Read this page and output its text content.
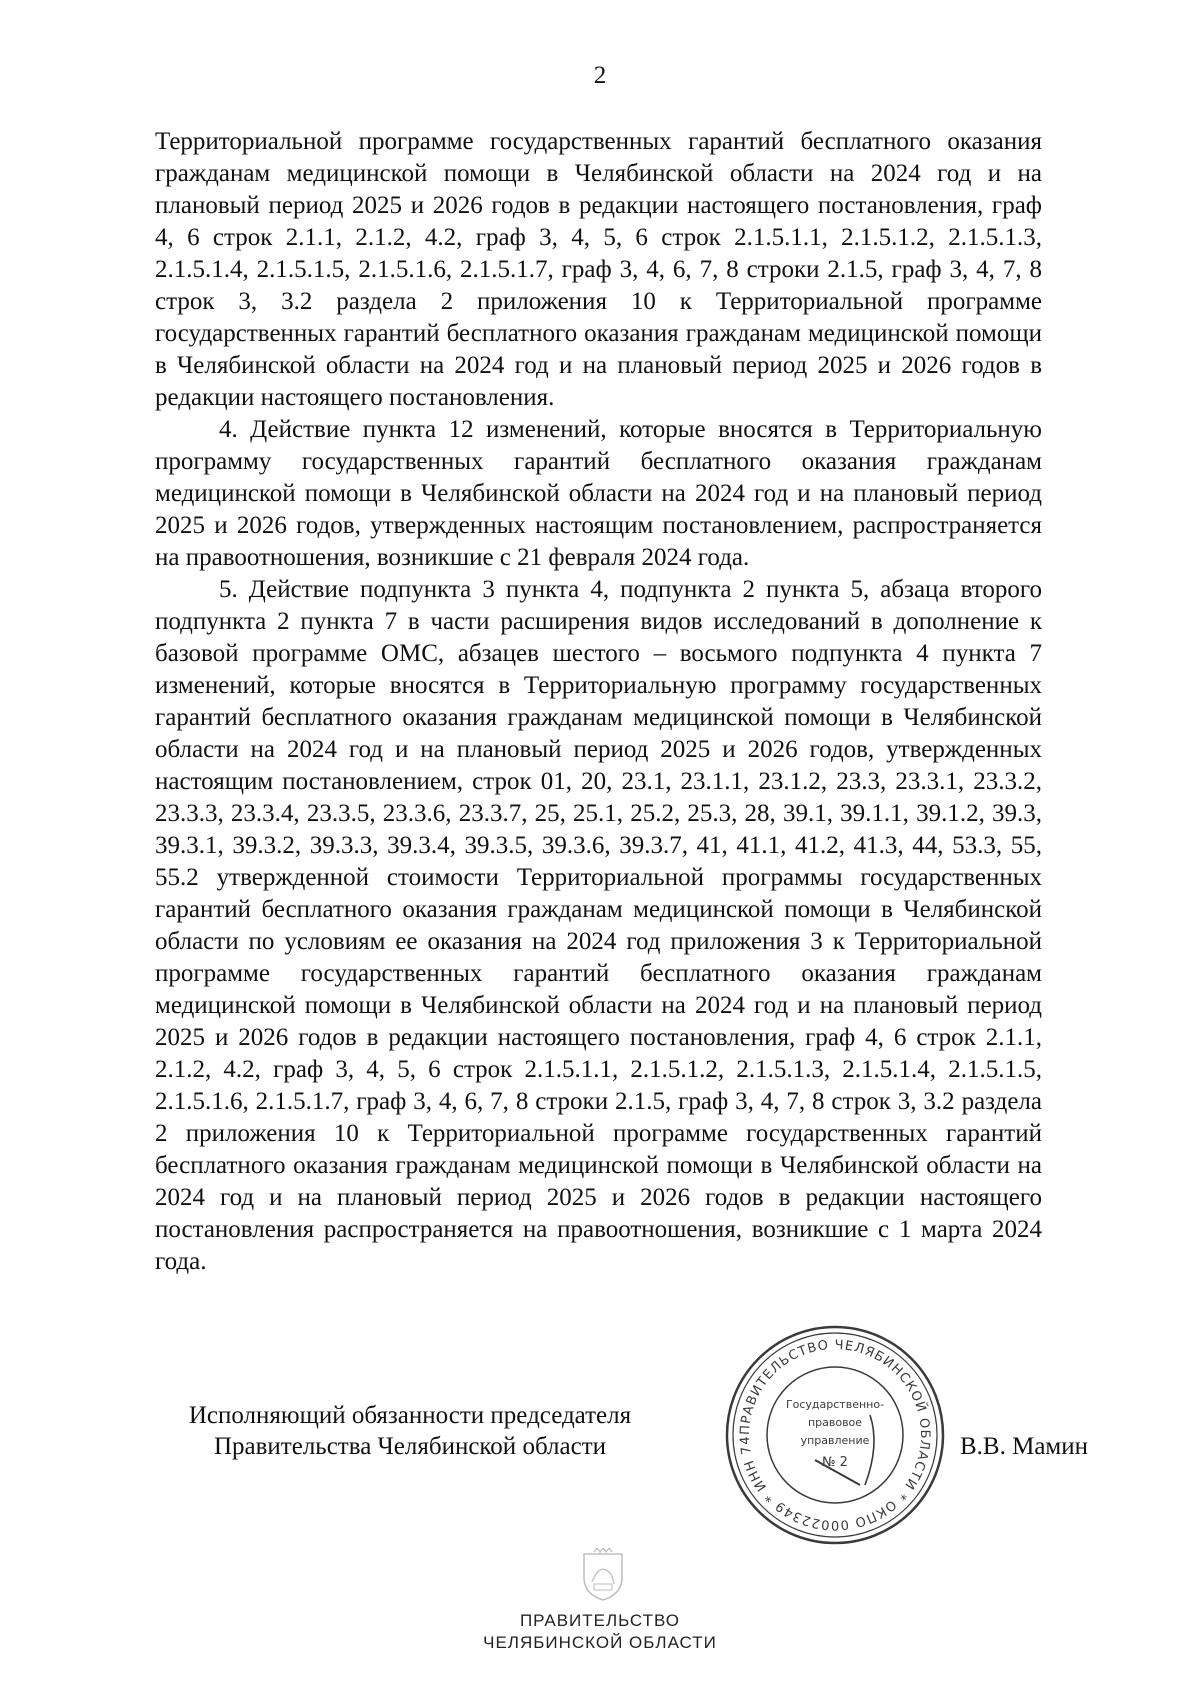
2

Территориальной программе государственных гарантий бесплатного оказания гражданам медицинской помощи в Челябинской области на 2024 год и на плановый период 2025 и 2026 годов в редакции настоящего постановления, граф 4, 6 строк 2.1.1, 2.1.2, 4.2, граф 3, 4, 5, 6 строк 2.1.5.1.1, 2.1.5.1.2, 2.1.5.1.3, 2.1.5.1.4, 2.1.5.1.5, 2.1.5.1.6, 2.1.5.1.7, граф 3, 4, 6, 7, 8 строки 2.1.5, граф 3, 4, 7, 8 строк 3, 3.2 раздела 2 приложения 10 к Территориальной программе государственных гарантий бесплатного оказания гражданам медицинской помощи в Челябинской области на 2024 год и на плановый период 2025 и 2026 годов в редакции настоящего постановления.

4. Действие пункта 12 изменений, которые вносятся в Территориальную программу государственных гарантий бесплатного оказания гражданам медицинской помощи в Челябинской области на 2024 год и на плановый период 2025 и 2026 годов, утвержденных настоящим постановлением, распространяется на правоотношения, возникшие с 21 февраля 2024 года.

5. Действие подпункта 3 пункта 4, подпункта 2 пункта 5, абзаца второго подпункта 2 пункта 7 в части расширения видов исследований в дополнение к базовой программе ОМС, абзацев шестого – восьмого подпункта 4 пункта 7 изменений, которые вносятся в Территориальную программу государственных гарантий бесплатного оказания гражданам медицинской помощи в Челябинской области на 2024 год и на плановый период 2025 и 2026 годов, утвержденных настоящим постановлением, строк 01, 20, 23.1, 23.1.1, 23.1.2, 23.3, 23.3.1, 23.3.2, 23.3.3, 23.3.4, 23.3.5, 23.3.6, 23.3.7, 25, 25.1, 25.2, 25.3, 28, 39.1, 39.1.1, 39.1.2, 39.3, 39.3.1, 39.3.2, 39.3.3, 39.3.4, 39.3.5, 39.3.6, 39.3.7, 41, 41.1, 41.2, 41.3, 44, 53.3, 55, 55.2 утвержденной стоимости Территориальной программы государственных гарантий бесплатного оказания гражданам медицинской помощи в Челябинской области по условиям ее оказания на 2024 год приложения 3 к Территориальной программе государственных гарантий бесплатного оказания гражданам медицинской помощи в Челябинской области на 2024 год и на плановый период 2025 и 2026 годов в редакции настоящего постановления, граф 4, 6 строк 2.1.1, 2.1.2, 4.2, граф 3, 4, 5, 6 строк 2.1.5.1.1, 2.1.5.1.2, 2.1.5.1.3, 2.1.5.1.4, 2.1.5.1.5, 2.1.5.1.6, 2.1.5.1.7, граф 3, 4, 6, 7, 8 строки 2.1.5, граф 3, 4, 7, 8 строк 3, 3.2 раздела 2 приложения 10 к Территориальной программе государственных гарантий бесплатного оказания гражданам медицинской помощи в Челябинской области на 2024 год и на плановый период 2025 и 2026 годов в редакции настоящего постановления распространяется на правоотношения, возникшие с 1 марта 2024 года.

Исполняющий обязанности председателя
Правительства Челябинской области
ПРАВИТЕЛЬСТВО ЧЕЛЯБИНСКОЙ ОБЛАСТИ * ОКПО 00022349 * ИНН 74
Государственно-
правовое
управление
№ 2
В.В. Мамин
ПРАВИТЕЛЬСТВО
ЧЕЛЯБИНСКОЙ ОБЛАСТИ
